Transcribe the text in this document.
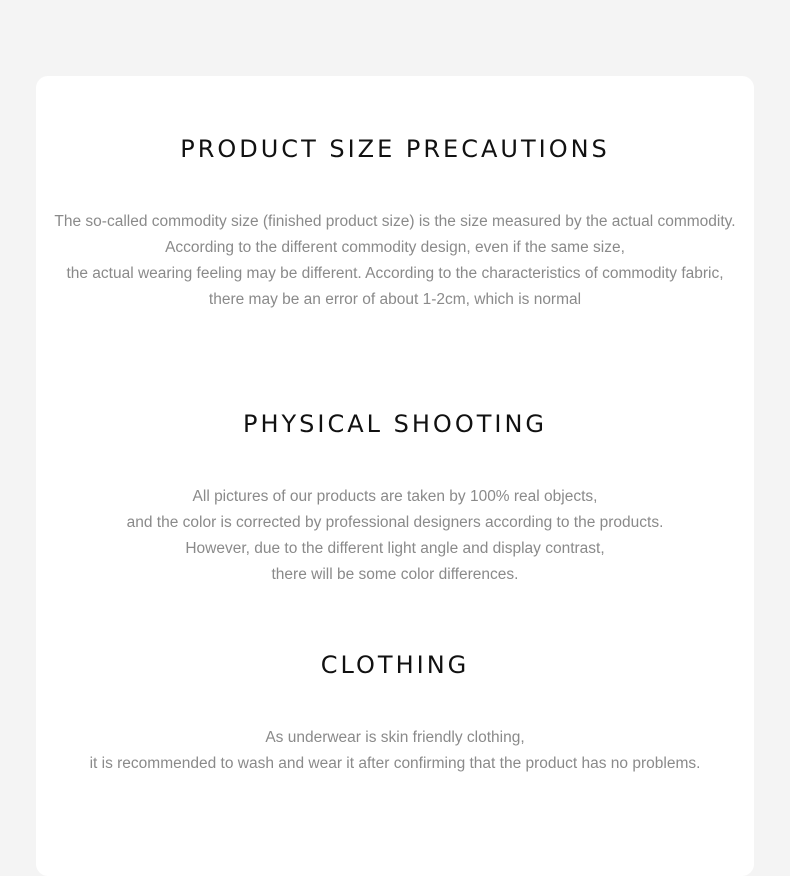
PRODUCT SIZE PRECAUTIONS
The so-called commodity size (finished product size) is the size measured by the actual commodity.
According to the different commodity design, even if the same size,
the actual wearing feeling may be different. According to the characteristics of commodity fabric,
there may be an error of about 1-2cm, which is normal
PHYSICAL SHOOTING
All pictures of our products are taken by 100% real objects,
and the color is corrected by professional designers according to the products.
However, due to the different light angle and display contrast,
there will be some color differences.
CLOTHING
As underwear is skin friendly clothing,
it is recommended to wash and wear it after confirming that the product has no problems.
